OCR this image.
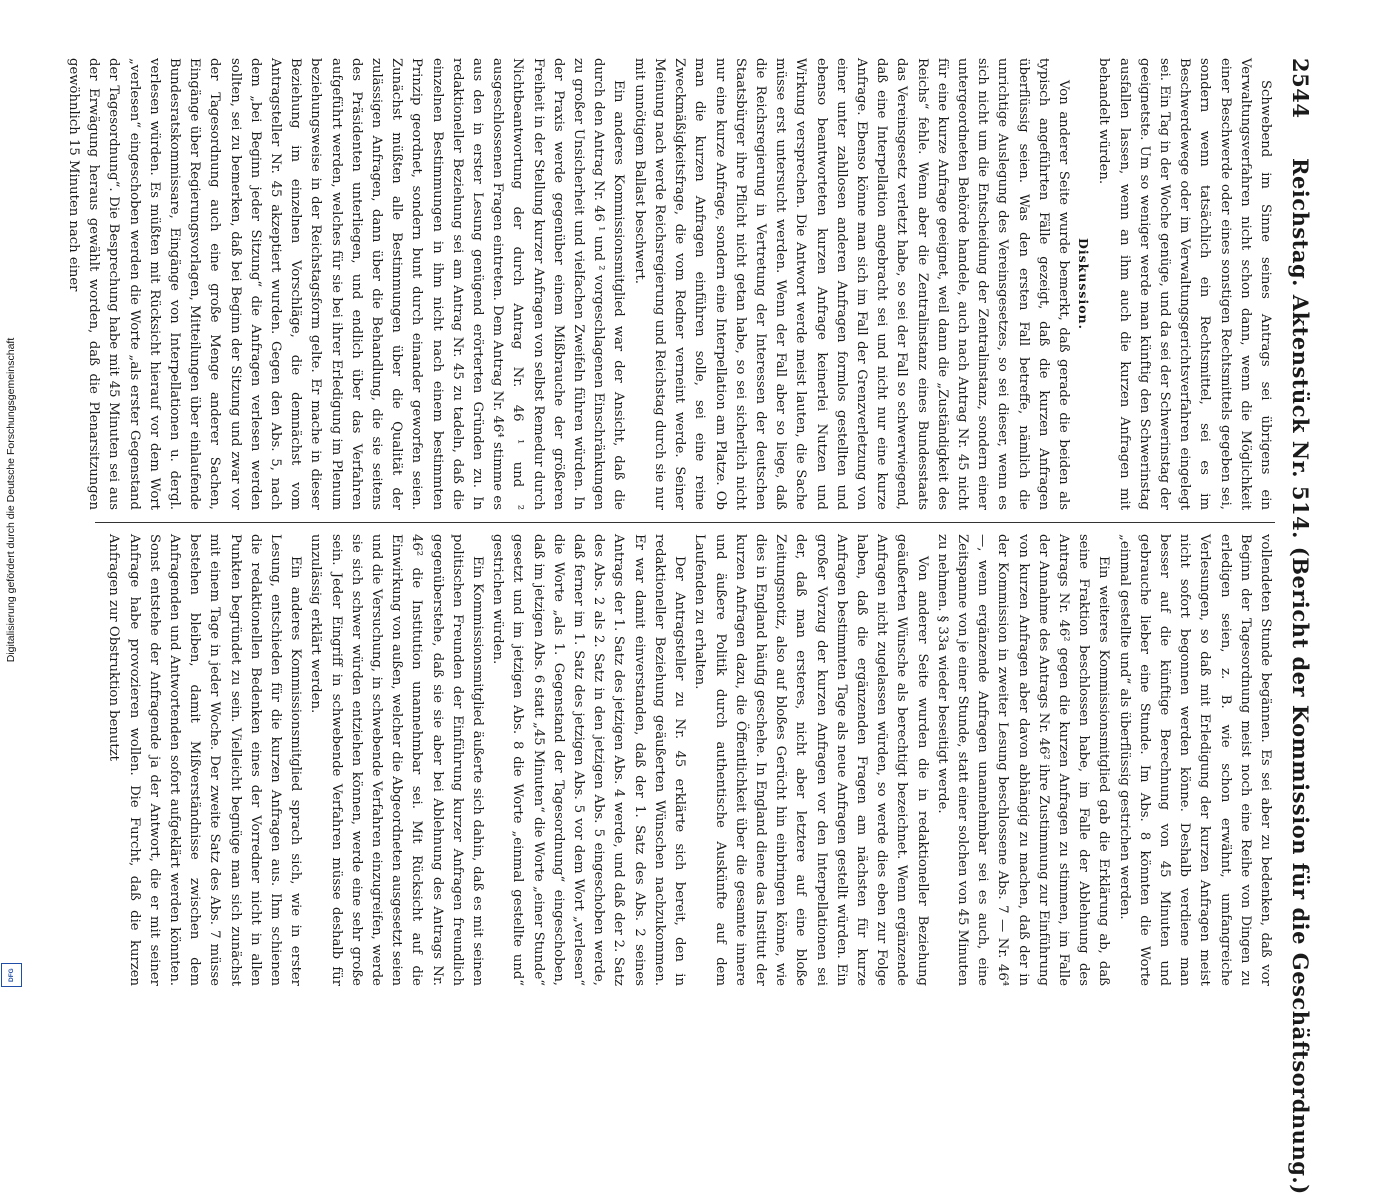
2544
Reichstag. Aktenstück Nr. 514. (Bericht der Kommission für die Geschäftsordnung.)

Schwebend im Sinne seines Antrags sei übrigens ein Verwaltungsverfahren nicht schon dann, wenn die Möglichkeit einer Beschwerde oder eines sonstigen Rechtsmittels gegeben sei, sondern wenn tatsächlich ein Rechtsmittel, sei es im Beschwerdewege oder im Verwaltungsgerichtsverfahren eingelegt sei. Ein Tag in der Woche genüge, und da sei der Schwerinstag der geeignetste. Um so weniger werde man künftig den Schwerinstag ausfallen lassen, wenn an ihm auch die kurzen Anfragen mit behandelt würden.

Diskussion.

Von anderer Seite wurde bemerkt, daß gerade die beiden als typisch angeführten Fälle gezeigt, daß die kurzen Anfragen überflüssig seien. Was den ersten Fall betreffe, nämlich die unrichtige Auslegung des Vereinsgesetzes, so sei dieser, wenn es sich nicht um die Entscheidung der Zentralinstanz, sondern einer untergeordneten Behörde handele, auch nach Antrag Nr. 45 nicht für eine kurze Anfrage geeignet, weil dann die „Zuständigkeit des Reichs“ fehle. Wenn aber die Zentralinstanz eines Bundesstaats das Vereinsgesetz verletzt habe, so sei der Fall so schwerwiegend, daß eine Interpellation angebracht sei und nicht nur eine kurze Anfrage. Ebenso könne man sich im Fall der Grenzverletzung von einer unter zahllosen anderen Anfragen formlos gestellten und ebenso beantworteten kurzen Anfrage keinerlei Nutzen und Wirkung versprechen. Die Antwort werde meist lauten, die Sache müsse erst untersucht werden. Wenn der Fall aber so liege, daß die Reichsregierung in Vertretung der Interessen der deutschen Staatsbürger ihre Pflicht nicht getan habe, so sei sicherlich nicht nur eine kurze Anfrage, sondern eine Interpellation am Platze. Ob man die kurzen Anfragen einführen solle, sei eine reine Zweckmäßigkeitsfrage, die vom Redner verneint werde. Seiner Meinung nach werde Reichsregierung und Reichstag durch sie nur mit unnötigem Ballast beschwert.

Ein anderes Kommissionsmitglied war der Ansicht, daß die durch den Antrag Nr. 46 ¹ und ² vorgeschlagenen Einschränkungen zu großer Unsicherheit und vielfachen Zweifeln führen würden. In der Praxis werde gegenüber einem Mißbrauche der größeren Freiheit in der Stellung kurzer Anfragen von selbst Remedur durch Nichtbeantwortung der durch Antrag Nr. 46 ¹ und ² ausgeschlossenen Fragen eintreten. Dem Antrag Nr. 46⁴ stimme es aus den in erster Lesung genügend erörterten Gründen zu. In redaktioneller Beziehung sei am Antrag Nr. 45 zu tadeln, daß die einzelnen Bestimmungen in ihm nicht nach einem bestimmten Prinzip geordnet, sondern bunt durch einander geworfen seien. Zunächst müßten alle Bestimmungen über die Qualität der zulässigen Anfragen, dann über die Behandlung, die sie seitens des Präsidenten unterliegen, und endlich über das Verfahren aufgeführt werden, welches für sie bei ihrer Erledigung im Plenum beziehungsweise in der Reichstagsform gelte. Er mache in dieser Beziehung im einzelnen Vorschläge, die demnächst vom Antragsteller Nr. 45 akzeptiert wurden. Gegen den Abs. 5, nach dem „bei Beginn jeder Sitzung“ die Anfragen verlesen werden sollten, sei zu bemerken, daß bei Beginn der Sitzung und zwar vor der Tagesordnung auch eine große Menge anderer Sachen, Eingänge über Regierungsvorlagen, Mitteilungen über einlaufende Bundesratskommissare, Eingänge von Interpellationen u. dergl. verlesen würden. Es müßten mit Rücksicht hierauf vor dem Wort „verlesen“ eingeschoben werden die Worte „als erster Gegenstand der Tagesordnung“. Die Besprechung habe mit 45 Minuten sei aus der Erwägung heraus gewählt worden, daß die Plenarsitzungen gewöhnlich 15 Minuten nach einer

vollendeten Stunde begännen. Es sei aber zu bedenken, daß vor Beginn der Tagesordnung meist noch eine Reihe von Dingen zu erledigen seien, z. B. wie schon erwähnt, umfangreiche Verlesungen, so daß mit Erledigung der kurzen Anfragen meist nicht sofort begonnen werden könne. Deshalb verdiene man besser auf die künftige Berechnung von 45 Minuten und gebrauche lieber eine Stunde. Im Abs. 8 könnten die Worte „einmal gestellte und“ als überflüssig gestrichen werden.

Ein weiteres Kommissionsmitglied gab die Erklärung ab, daß seine Fraktion beschlossen habe, im Falle der Ablehnung des Antrags Nr. 46² gegen die kurzen Anfragen zu stimmen, im Falle der Annahme des Antrags Nr. 46² ihre Zustimmung zur Einführung von kurzen Anfragen aber davon abhängig zu machen, daß der in der Kommission in zweiter Lesung beschlossene Abs. 7 — Nr. 46⁴ —, wenn ergänzende Anfragen unannehmbar sei es auch, eine Zeitspanne von je einer Stunde, statt einer solchen von 45 Minuten zu nehmen. § 33a wieder beseitigt werde.

Von anderer Seite wurden die in redaktioneller Beziehung geäußerten Wünsche als berechtigt bezeichnet. Wenn ergänzende Anfragen nicht zugelassen würden, so werde dies eben zur Folge haben, daß die ergänzenden Fragen am nächsten für kurze Anfragen bestimmten Tage als neue Anfragen gestellt würden. Ein großer Vorzug der kurzen Anfragen vor den Interpellationen sei der, daß man ersteres, nicht aber letztere auf eine bloße Zeitungsnotiz, also auf bloßes Gerücht hin einbringen könne, wie dies in England häufig geschehe. In England diene das Institut der kurzen Anfragen dazu, die Öffentlichkeit über die gesamte innere und äußere Politik durch authentische Auskünfte auf dem Laufenden zu erhalten.

Der Antragsteller zu Nr. 45 erklärte sich bereit, den in redaktioneller Beziehung geäußerten Wünschen nachzukommen. Er war damit einverstanden, daß der 1. Satz des Abs. 2 seines Antrags der 1. Satz des jetzigen Abs. 4 werde, und daß der 2. Satz des Abs. 2 als 2. Satz in den jetzigen Abs. 5 eingeschoben werde, daß ferner im 1. Satz des jetzigen Abs. 5 vor dem Wort „verlesen“ die Worte „als 1. Gegenstand der Tagesordnung“ eingeschoben, daß im jetzigen Abs. 6 statt „45 Minuten“ die Worte „einer Stunde“ gesetzt und im jetzigen Abs. 8 die Worte „einmal gestellte und“ gestrichen würden.

Ein Kommissionsmitglied äußerte sich dahin, daß es mit seinen politischen Freunden der Einführung kurzer Anfragen freundlich gegenüberstehe, daß sie sie aber bei Ablehnung des Antrags Nr. 46² die Institution unannehmbar sei. Mit Rücksicht auf die Einwirkung von außen, welcher die Abgeordneten ausgesetzt seien und die Versuchung, in schwebende Verfahren einzugreifen, werde sie sich schwer würden entziehen können, werde eine sehr große sein. Jeder Eingriff in schwebende Verfahren müsse deshalb für unzulässig erklärt werden.

Ein anderes Kommissionsmitglied sprach sich, wie in erster Lesung, entschieden für die kurzen Anfragen aus. Ihm schienen die redaktionellen Bedenken eines der Vorredner nicht in allen Punkten begründet zu sein. Vielleicht begnüge man sich zunächst mit einem Tage in jeder Woche. Der zweite Satz des Abs. 7 müsse bestehen bleiben, damit Mißverständnisse zwischen dem Anfragenden und Antwortenden sofort aufgeklärt werden könnten. Sonst entstehe der Anfragende ja der Antwort, die er mit seiner Anfrage habe provozieren wollen. Die Furcht, daß die kurzen Anfragen zur Obstruktion benutzt

Digitalisierung gefördert durch die Deutsche Forschungsgemeinschaft
DFG
